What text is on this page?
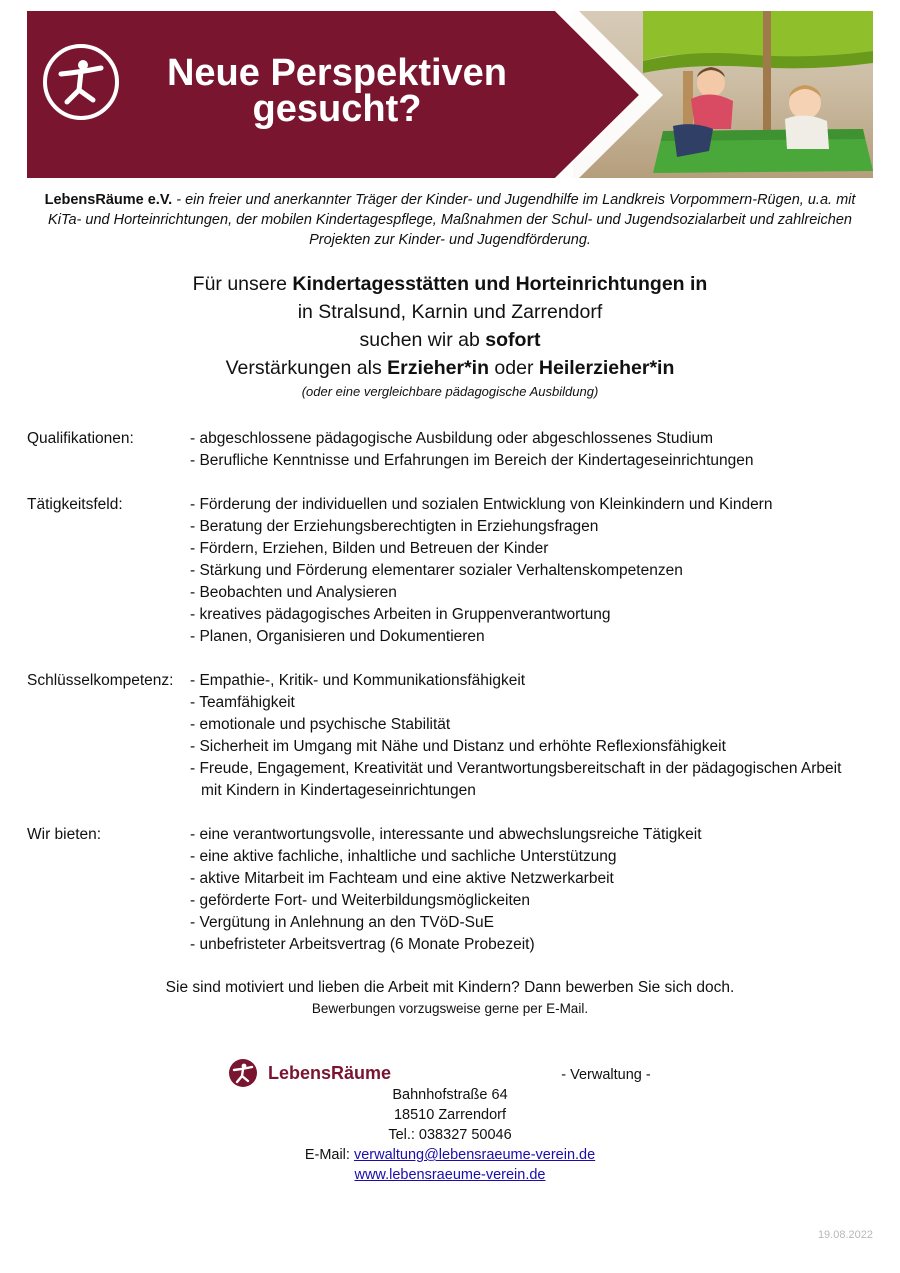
Neue Perspektiven
gesucht?
LebensRäume e.V. - ein freier und anerkannter Träger der Kinder- und Jugendhilfe im Landkreis Vorpommern-Rügen, u.a. mit KiTa- und Horteinrichtungen, der mobilen Kindertagespflege, Maßnahmen der Schul- und Jugendsozialarbeit und zahlreichen Projekten zur Kinder- und Jugendförderung.
Für unsere Kindertagesstätten und Horteinrichtungen in
in Stralsund, Karnin und Zarrendorf
suchen wir ab sofort
Verstärkungen als Erzieher*in oder Heilerzieher*in
(oder eine vergleichbare pädagogische Ausbildung)
Qualifikationen:	- abgeschlossene pädagogische Ausbildung oder abgeschlossenes Studium
- Berufliche Kenntnisse und Erfahrungen im Bereich der Kindertageseinrichtungen
Tätigkeitsfeld:	- Förderung der individuellen und sozialen Entwicklung von Kleinkindern und Kindern
- Beratung der Erziehungsberechtigten in Erziehungsfragen
- Fördern, Erziehen, Bilden und Betreuen der Kinder
- Stärkung und Förderung elementarer sozialer Verhaltenskompetenzen
- Beobachten und Analysieren
- kreatives pädagogisches Arbeiten in Gruppenverantwortung
- Planen, Organisieren und Dokumentieren
Schlüsselkompetenz: - Empathie-, Kritik- und Kommunikationsfähigkeit
- Teamfähigkeit
- emotionale und psychische Stabilität
- Sicherheit im Umgang mit Nähe und Distanz und erhöhte Reflexionsfähigkeit
- Freude, Engagement, Kreativität und Verantwortungsbereitschaft in der pädagogischen Arbeit mit Kindern in Kindertageseinrichtungen
Wir bieten:	- eine verantwortungsvolle, interessante und abwechslungsreiche Tätigkeit
- eine aktive fachliche, inhaltliche und sachliche Unterstützung
- aktive Mitarbeit im Fachteam und eine aktive Netzwerkarbeit
- geförderte Fort- und Weiterbildungsmöglickeiten
- Vergütung in Anlehnung an den TVöD-SuE
- unbefristeter Arbeitsvertrag (6 Monate Probezeit)
Sie sind motiviert und lieben die Arbeit mit Kindern? Dann bewerben Sie sich doch.
Bewerbungen vorzugsweise gerne per E-Mail.
LebensRäume	- Verwaltung -
Bahnhofstraße 64
18510 Zarrendorf
Tel.: 038327 50046
E-Mail: verwaltung@lebensraeume-verein.de
www.lebensraeume-verein.de
19.08.2022
